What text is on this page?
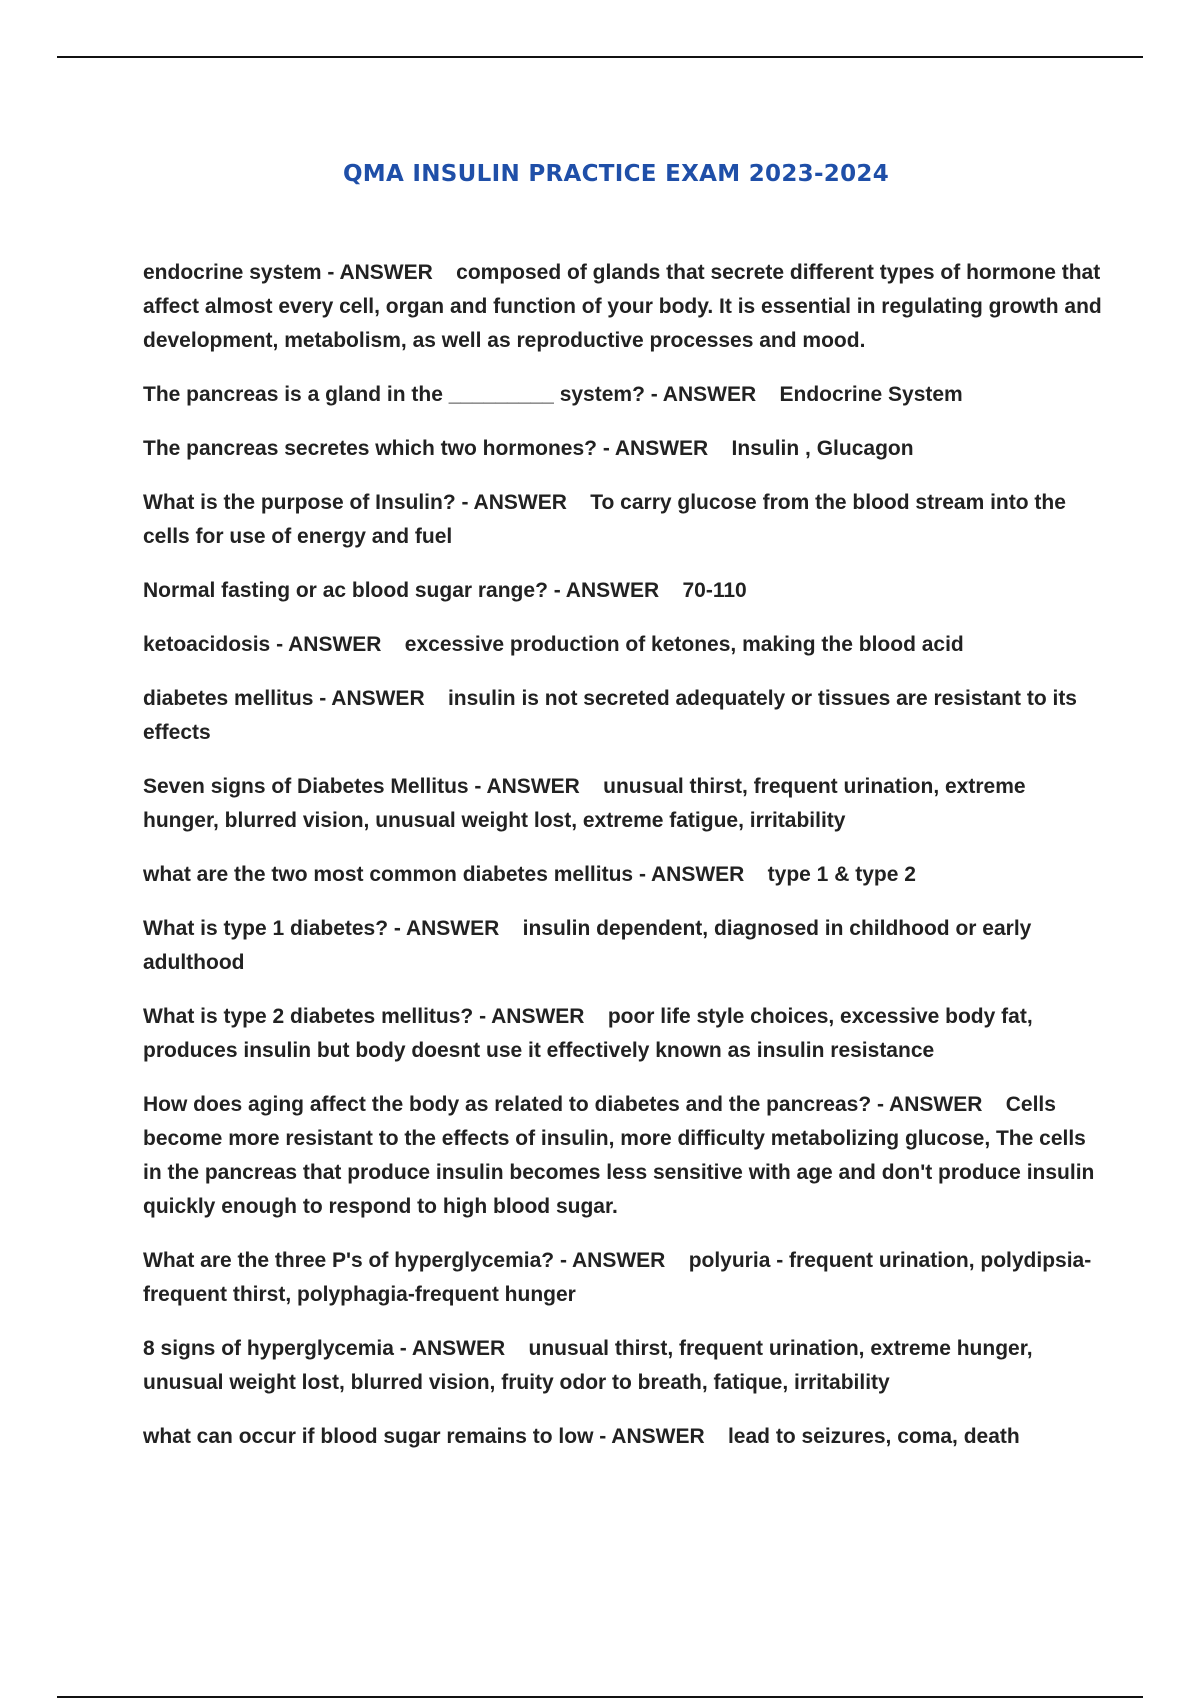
QMA INSULIN PRACTICE EXAM 2023-2024
endocrine system - ANSWER    composed of glands that secrete different types of hormone that affect almost every cell, organ and function of your body. It is essential in regulating growth and development, metabolism, as well as reproductive processes and mood.
The pancreas is a gland in the _________ system? - ANSWER    Endocrine System
The pancreas secretes which two hormones? - ANSWER    Insulin , Glucagon
What is the purpose of Insulin? - ANSWER    To carry glucose from the blood stream into the cells for use of energy and fuel
Normal fasting or ac blood sugar range? - ANSWER    70-110
ketoacidosis - ANSWER    excessive production of ketones, making the blood acid
diabetes mellitus - ANSWER    insulin is not secreted adequately or tissues are resistant to its effects
Seven signs of Diabetes Mellitus - ANSWER    unusual thirst, frequent urination, extreme hunger, blurred vision, unusual weight lost, extreme fatigue, irritability
what are the two most common diabetes mellitus - ANSWER    type 1 & type 2
What is type 1 diabetes? - ANSWER    insulin dependent, diagnosed in childhood or early adulthood
What is type 2 diabetes mellitus? - ANSWER    poor life style choices, excessive body fat, produces insulin but body doesnt use it effectively known as insulin resistance
How does aging affect the body as related to diabetes and the pancreas? - ANSWER    Cells become more resistant to the effects of insulin, more difficulty metabolizing glucose, The cells in the pancreas that produce insulin becomes less sensitive with age and don't produce insulin quickly enough to respond to high blood sugar.
What are the three P's of hyperglycemia? - ANSWER    polyuria - frequent urination, polydipsia- frequent thirst, polyphagia-frequent hunger
8 signs of hyperglycemia - ANSWER    unusual thirst, frequent urination, extreme hunger, unusual weight lost, blurred vision, fruity odor to breath, fatique, irritability
what can occur if blood sugar remains to low - ANSWER    lead to seizures, coma, death
